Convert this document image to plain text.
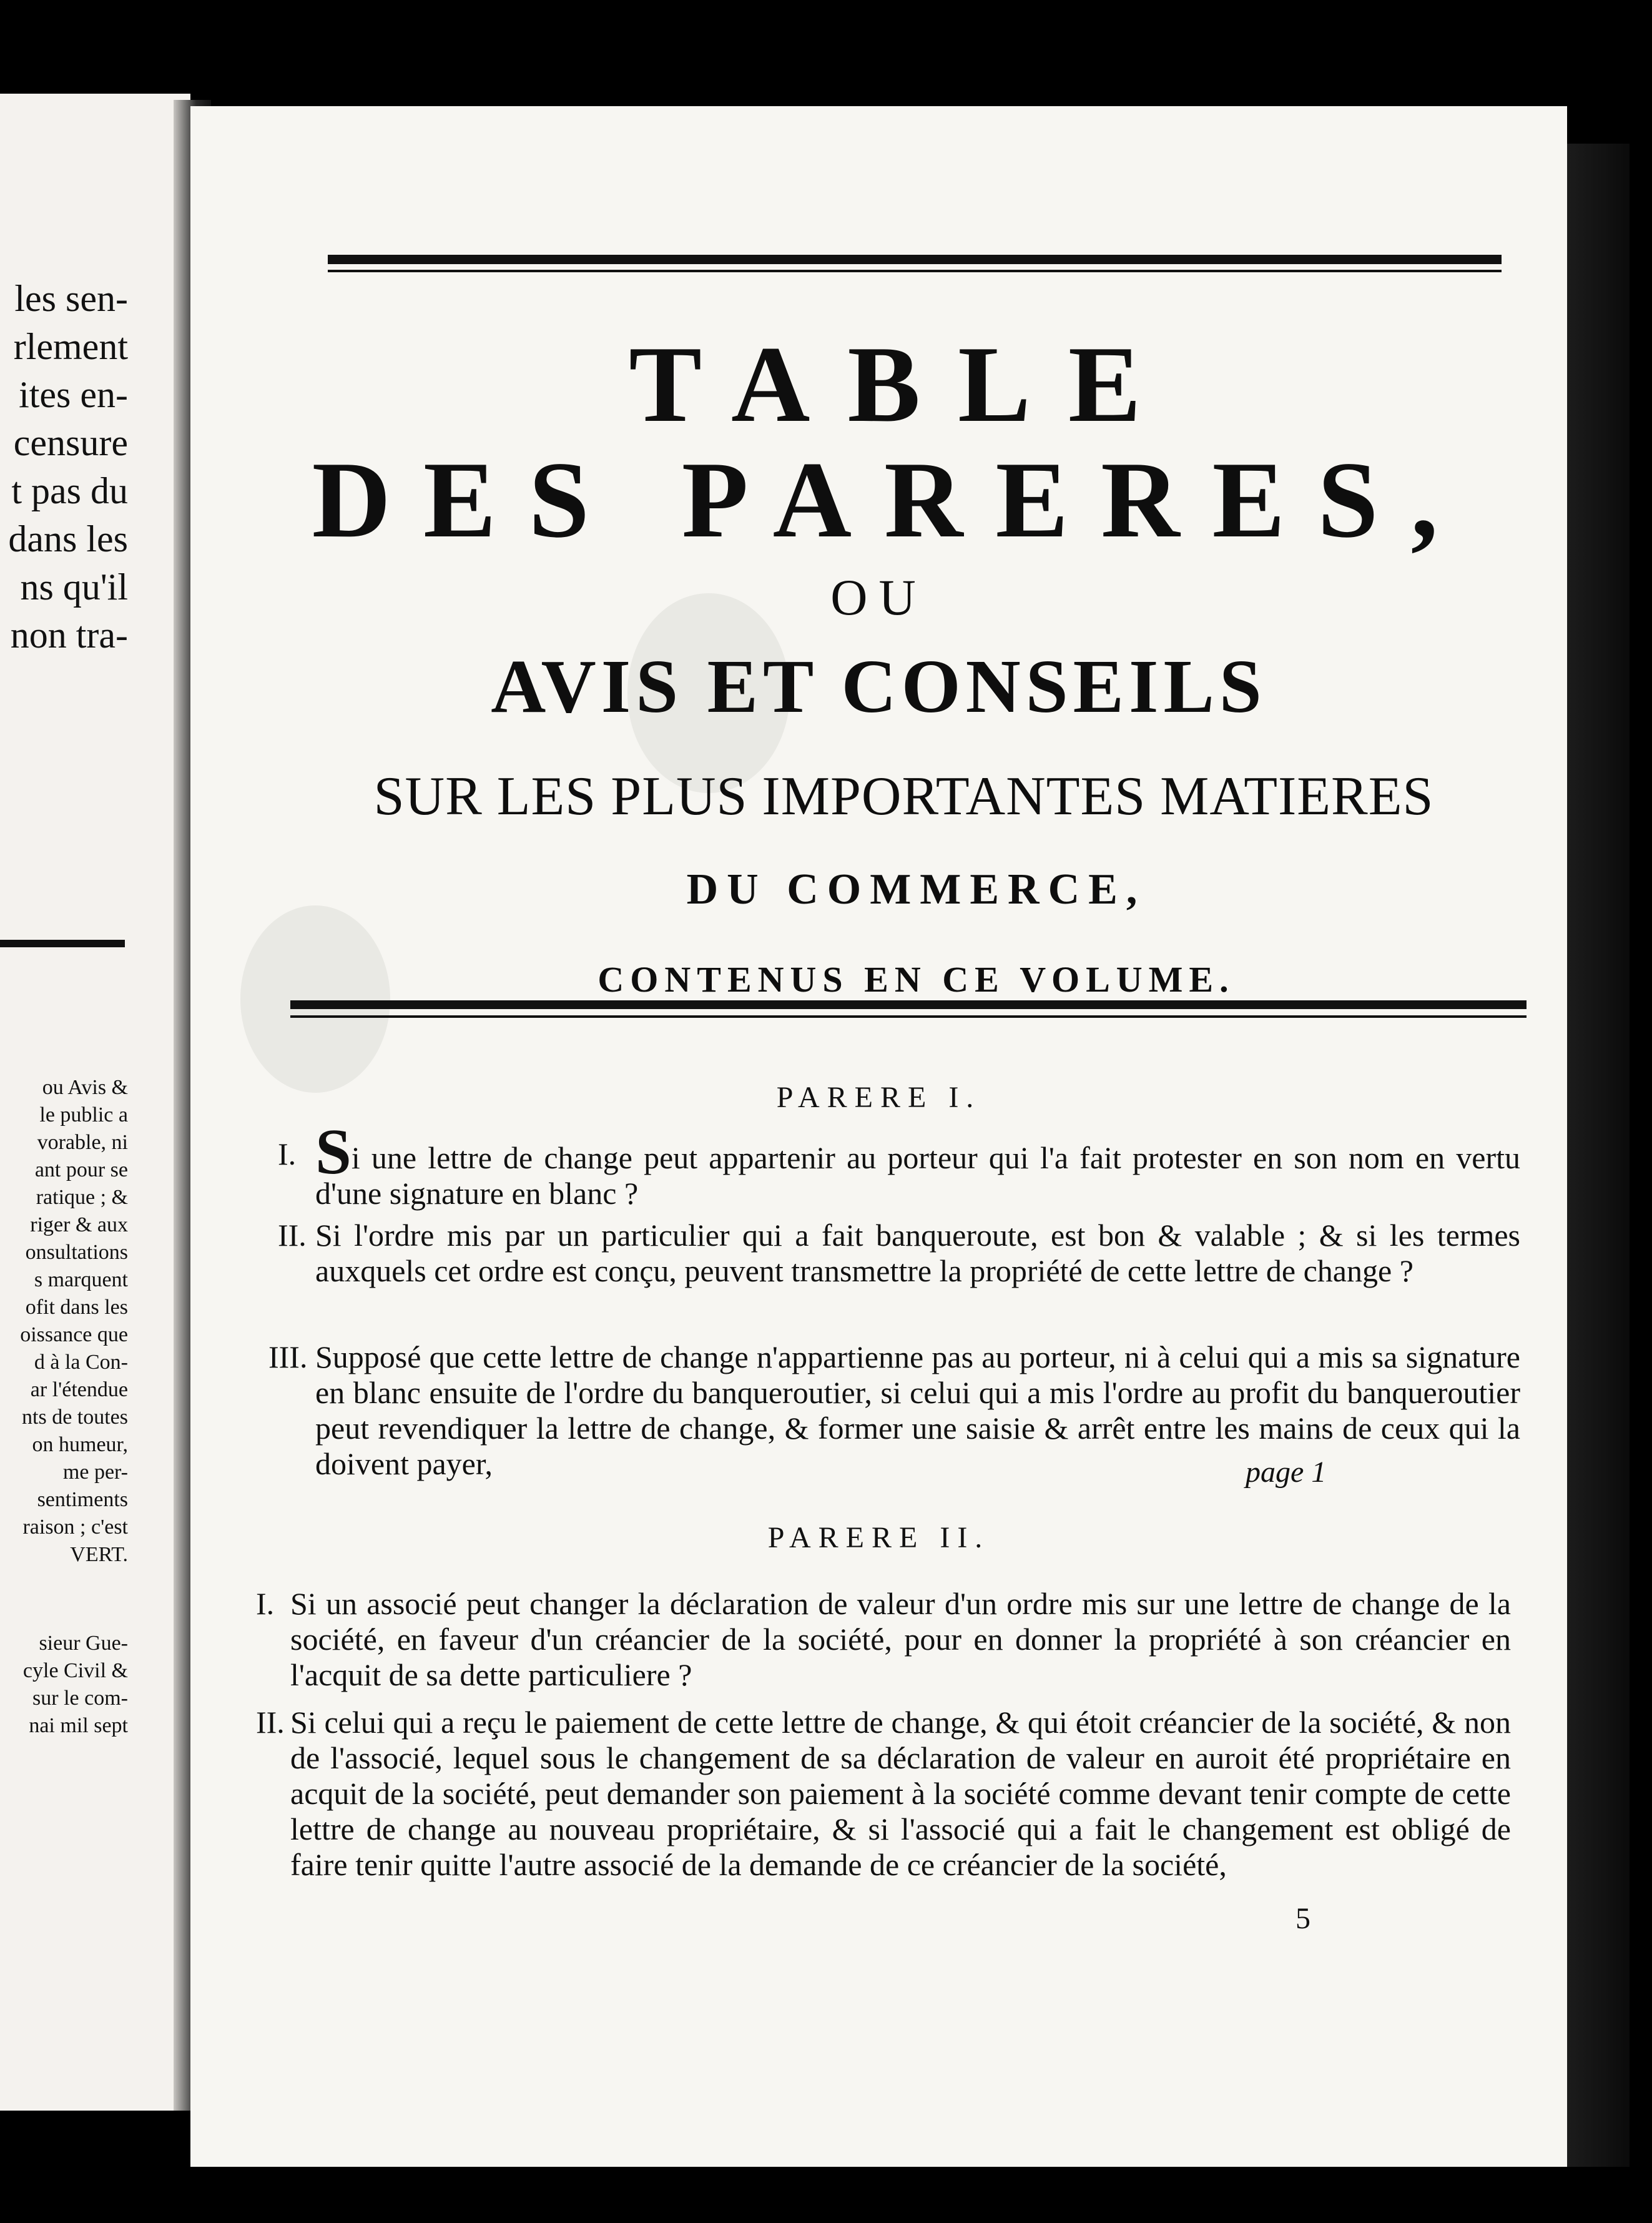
les sen-
rlement
ites en-
censure
t pas du
dans les
ns qu'il
non tra-
ou Avis &
le public a
vorable, ni
ant pour se
ratique ; &
riger & aux
onsultations
s marquent
ofit dans les
oissance que
d à la Con-
ar l'étendue
nts de toutes
on humeur,
me per-
sentiments
raison ; c'est
VERT.
sieur Gue-
cyle Civil &
sur le com-
nai mil sept
TABLE
DES PARERES,
OU
AVIS ET CONSEILS
SUR LES PLUS IMPORTANTES MATIERES
DU COMMERCE,
CONTENUS EN CE VOLUME.
PARERE I.
I. Si une lettre de change peut appartenir au porteur qui l'a fait protester en son nom en vertu d'une signature en blanc ?
II. Si l'ordre mis par un particulier qui a fait banqueroute, est bon & valable ; & si les termes auxquels cet ordre est conçu, peuvent transmettre la propriété de cette lettre de change ?
III. Supposé que cette lettre de change n'appartienne pas au porteur, ni à celui qui a mis sa signature en blanc ensuite de l'ordre du banqueroutier, si celui qui a mis l'ordre au profit du banqueroutier peut revendiquer la lettre de change, & former une saisie & arrêt entre les mains de ceux qui la doivent payer,	page 1
PARERE II.
I. Si un associé peut changer la déclaration de valeur d'un ordre mis sur une lettre de change de la société, en faveur d'un créancier de la société, pour en donner la propriété à son créancier en l'acquit de sa dette particuliere ?
II. Si celui qui a reçu le paiement de cette lettre de change, & qui étoit créancier de la société, & non de l'associé, lequel sous le changement de sa déclaration de valeur en auroit été propriétaire en acquit de la société, peut demander son paiement à la société comme devant tenir compte de cette lettre de change au nouveau propriétaire, & si l'associé qui a fait le changement est obligé de faire tenir quitte l'autre associé de la demande de ce créancier de la société,
5
